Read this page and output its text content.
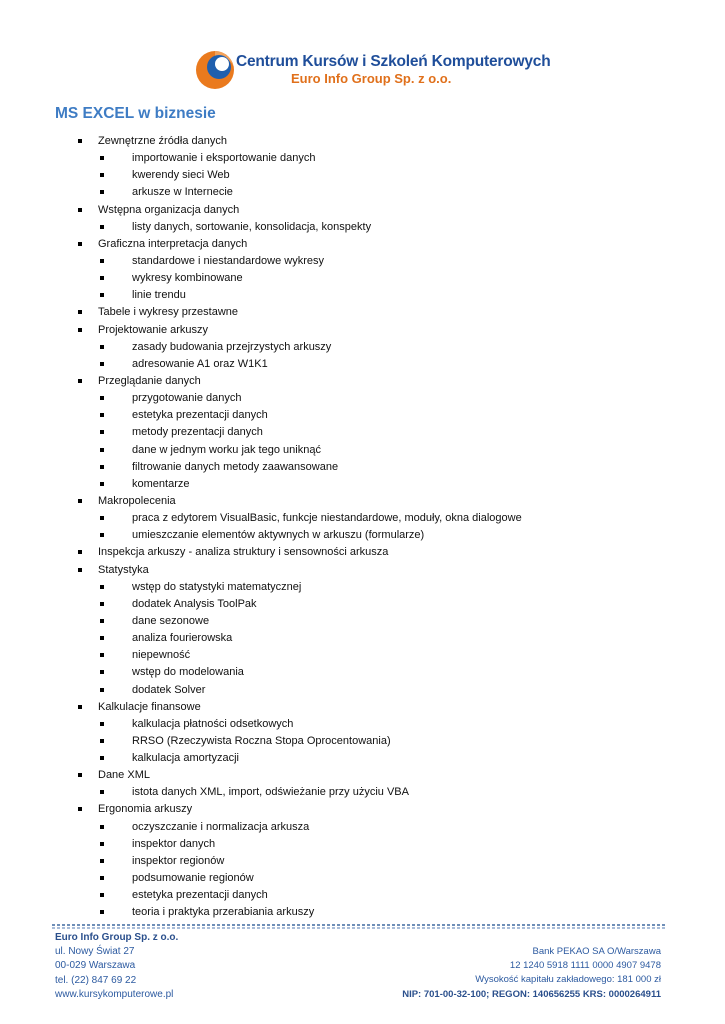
Centrum Kursów i Szkoleń Komputerowych
Euro Info Group Sp. z o.o.
MS EXCEL w biznesie
Zewnętrzne źródła danych
importowanie i eksportowanie danych
kwerendy sieci Web
arkusze w Internecie
Wstępna organizacja danych
listy danych, sortowanie, konsolidacja, konspekty
Graficzna interpretacja danych
standardowe i niestandardowe wykresy
wykresy kombinowane
linie trendu
Tabele i wykresy przestawne
Projektowanie arkuszy
zasady budowania przejrzystych arkuszy
adresowanie A1 oraz W1K1
Przeglądanie danych
przygotowanie danych
estetyka prezentacji danych
metody prezentacji danych
dane w jednym worku jak tego uniknąć
filtrowanie danych metody zaawansowane
komentarze
Makropolecenia
praca z edytorem VisualBasic, funkcje niestandardowe, moduły, okna dialogowe
umieszczanie elementów aktywnych w arkuszu (formularze)
Inspekcja arkuszy - analiza struktury i sensowności arkusza
Statystyka
wstęp do statystyki matematycznej
dodatek Analysis ToolPak
dane sezonowe
analiza fourierowska
niepewność
wstęp do modelowania
dodatek Solver
Kalkulacje finansowe
kalkulacja płatności odsetkowych
RRSO (Rzeczywista Roczna Stopa Oprocentowania)
kalkulacja amortyzacji
Dane XML
istota danych XML, import, odświeżanie przy użyciu VBA
Ergonomia arkuszy
oczyszczanie i normalizacja arkusza
inspektor danych
inspektor regionów
podsumowanie regionów
estetyka prezentacji danych
teoria i praktyka przerabiania arkuszy
Euro Info Group Sp. z o.o.
ul. Nowy Świat 27
00-029 Warszawa
tel. (22) 847 69 22
www.kursykomputerowe.pl
Bank PEKAO SA O/Warszawa
12 1240 5918 1111 0000 4907 9478
Wysokość kapitału zakładowego: 181 000 zł
NIP: 701-00-32-100; REGON: 140656255 KRS: 0000264911
